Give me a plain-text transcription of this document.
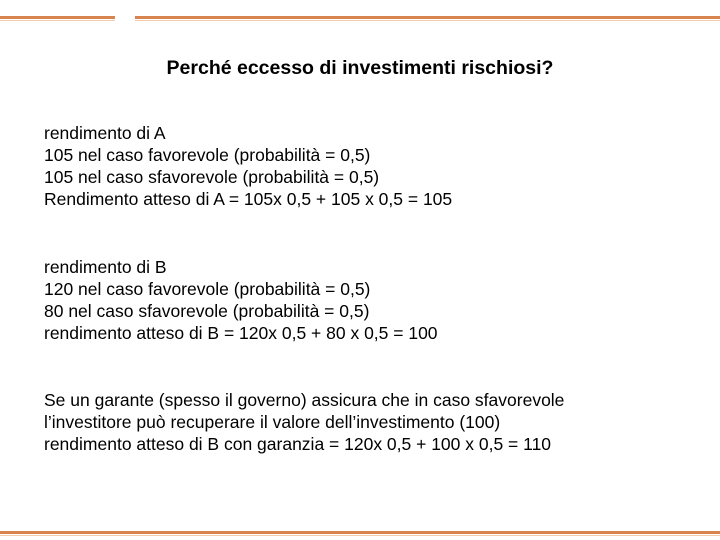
Perché eccesso di investimenti rischiosi?
rendimento di A
105 nel caso favorevole (probabilità = 0,5)
105 nel caso sfavorevole (probabilità = 0,5)
Rendimento atteso di A = 105x 0,5 + 105 x 0,5 = 105
rendimento di B
120 nel caso favorevole (probabilità = 0,5)
80 nel caso sfavorevole (probabilità = 0,5)
rendimento atteso di B = 120x 0,5 + 80 x 0,5 = 100
Se un garante (spesso il governo) assicura che in caso sfavorevole
l’investitore può recuperare il valore dell’investimento (100)
rendimento atteso di B con garanzia = 120x 0,5 + 100 x 0,5 = 110
